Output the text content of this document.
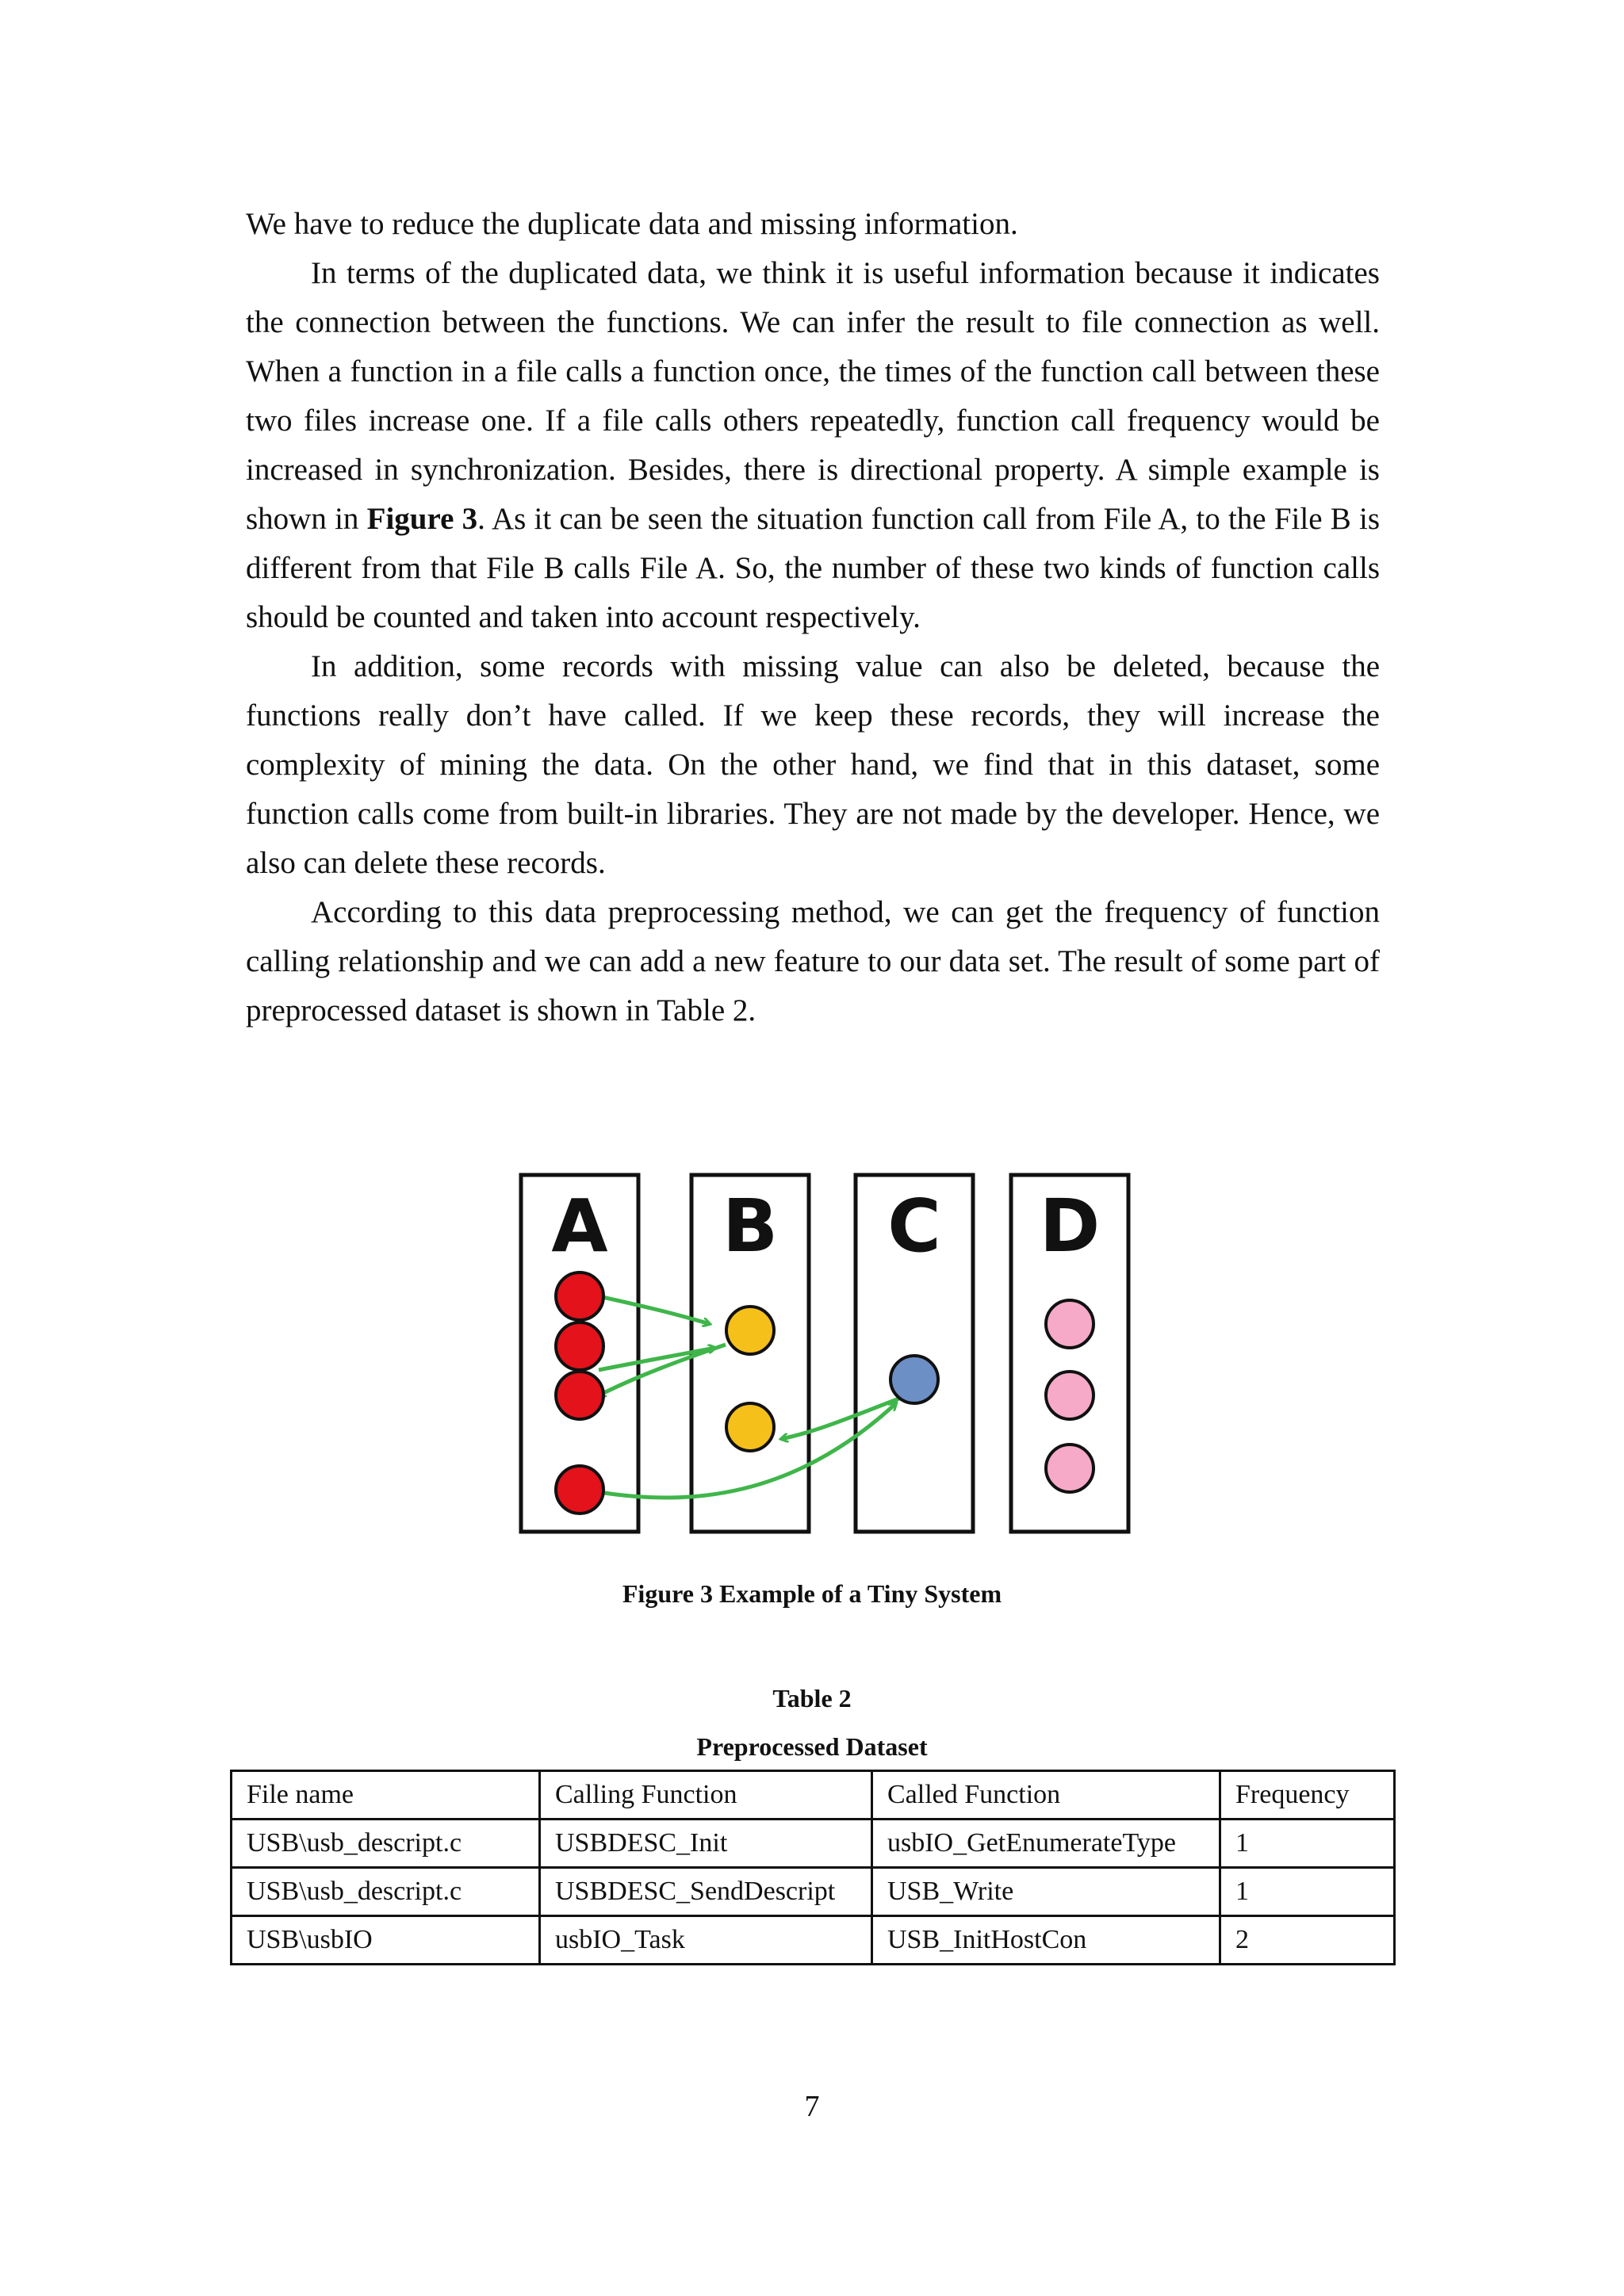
We have to reduce the duplicate data and missing information.

In terms of the duplicated data, we think it is useful information because it indicates the connection between the functions. We can infer the result to file connection as well. When a function in a file calls a function once, the times of the function call between these two files increase one. If a file calls others repeatedly, function call frequency would be increased in synchronization. Besides, there is directional property. A simple example is shown in Figure 3. As it can be seen the situation function call from File A, to the File B is different from that File B calls File A. So, the number of these two kinds of function calls should be counted and taken into account respectively.

In addition, some records with missing value can also be deleted, because the functions really don’t have called. If we keep these records, they will increase the complexity of mining the data. On the other hand, we find that in this dataset, some function calls come from built-in libraries. They are not made by the developer. Hence, we also can delete these records.

According to this data preprocessing method, we can get the frequency of function calling relationship and we can add a new feature to our data set. The result of some part of preprocessed dataset is shown in Table 2.

A B C D
Figure 3 Example of a Tiny System
Table 2
Preprocessed Dataset
File name	Calling Function	Called Function	Frequency
USB\usb_descript.c	USBDESC_Init	usbIO_GetEnumerateType	1
USB\usb_descript.c	USBDESC_SendDescript	USB_Write	1
USB\usbIO	usbIO_Task	USB_InitHostCon	2
7
